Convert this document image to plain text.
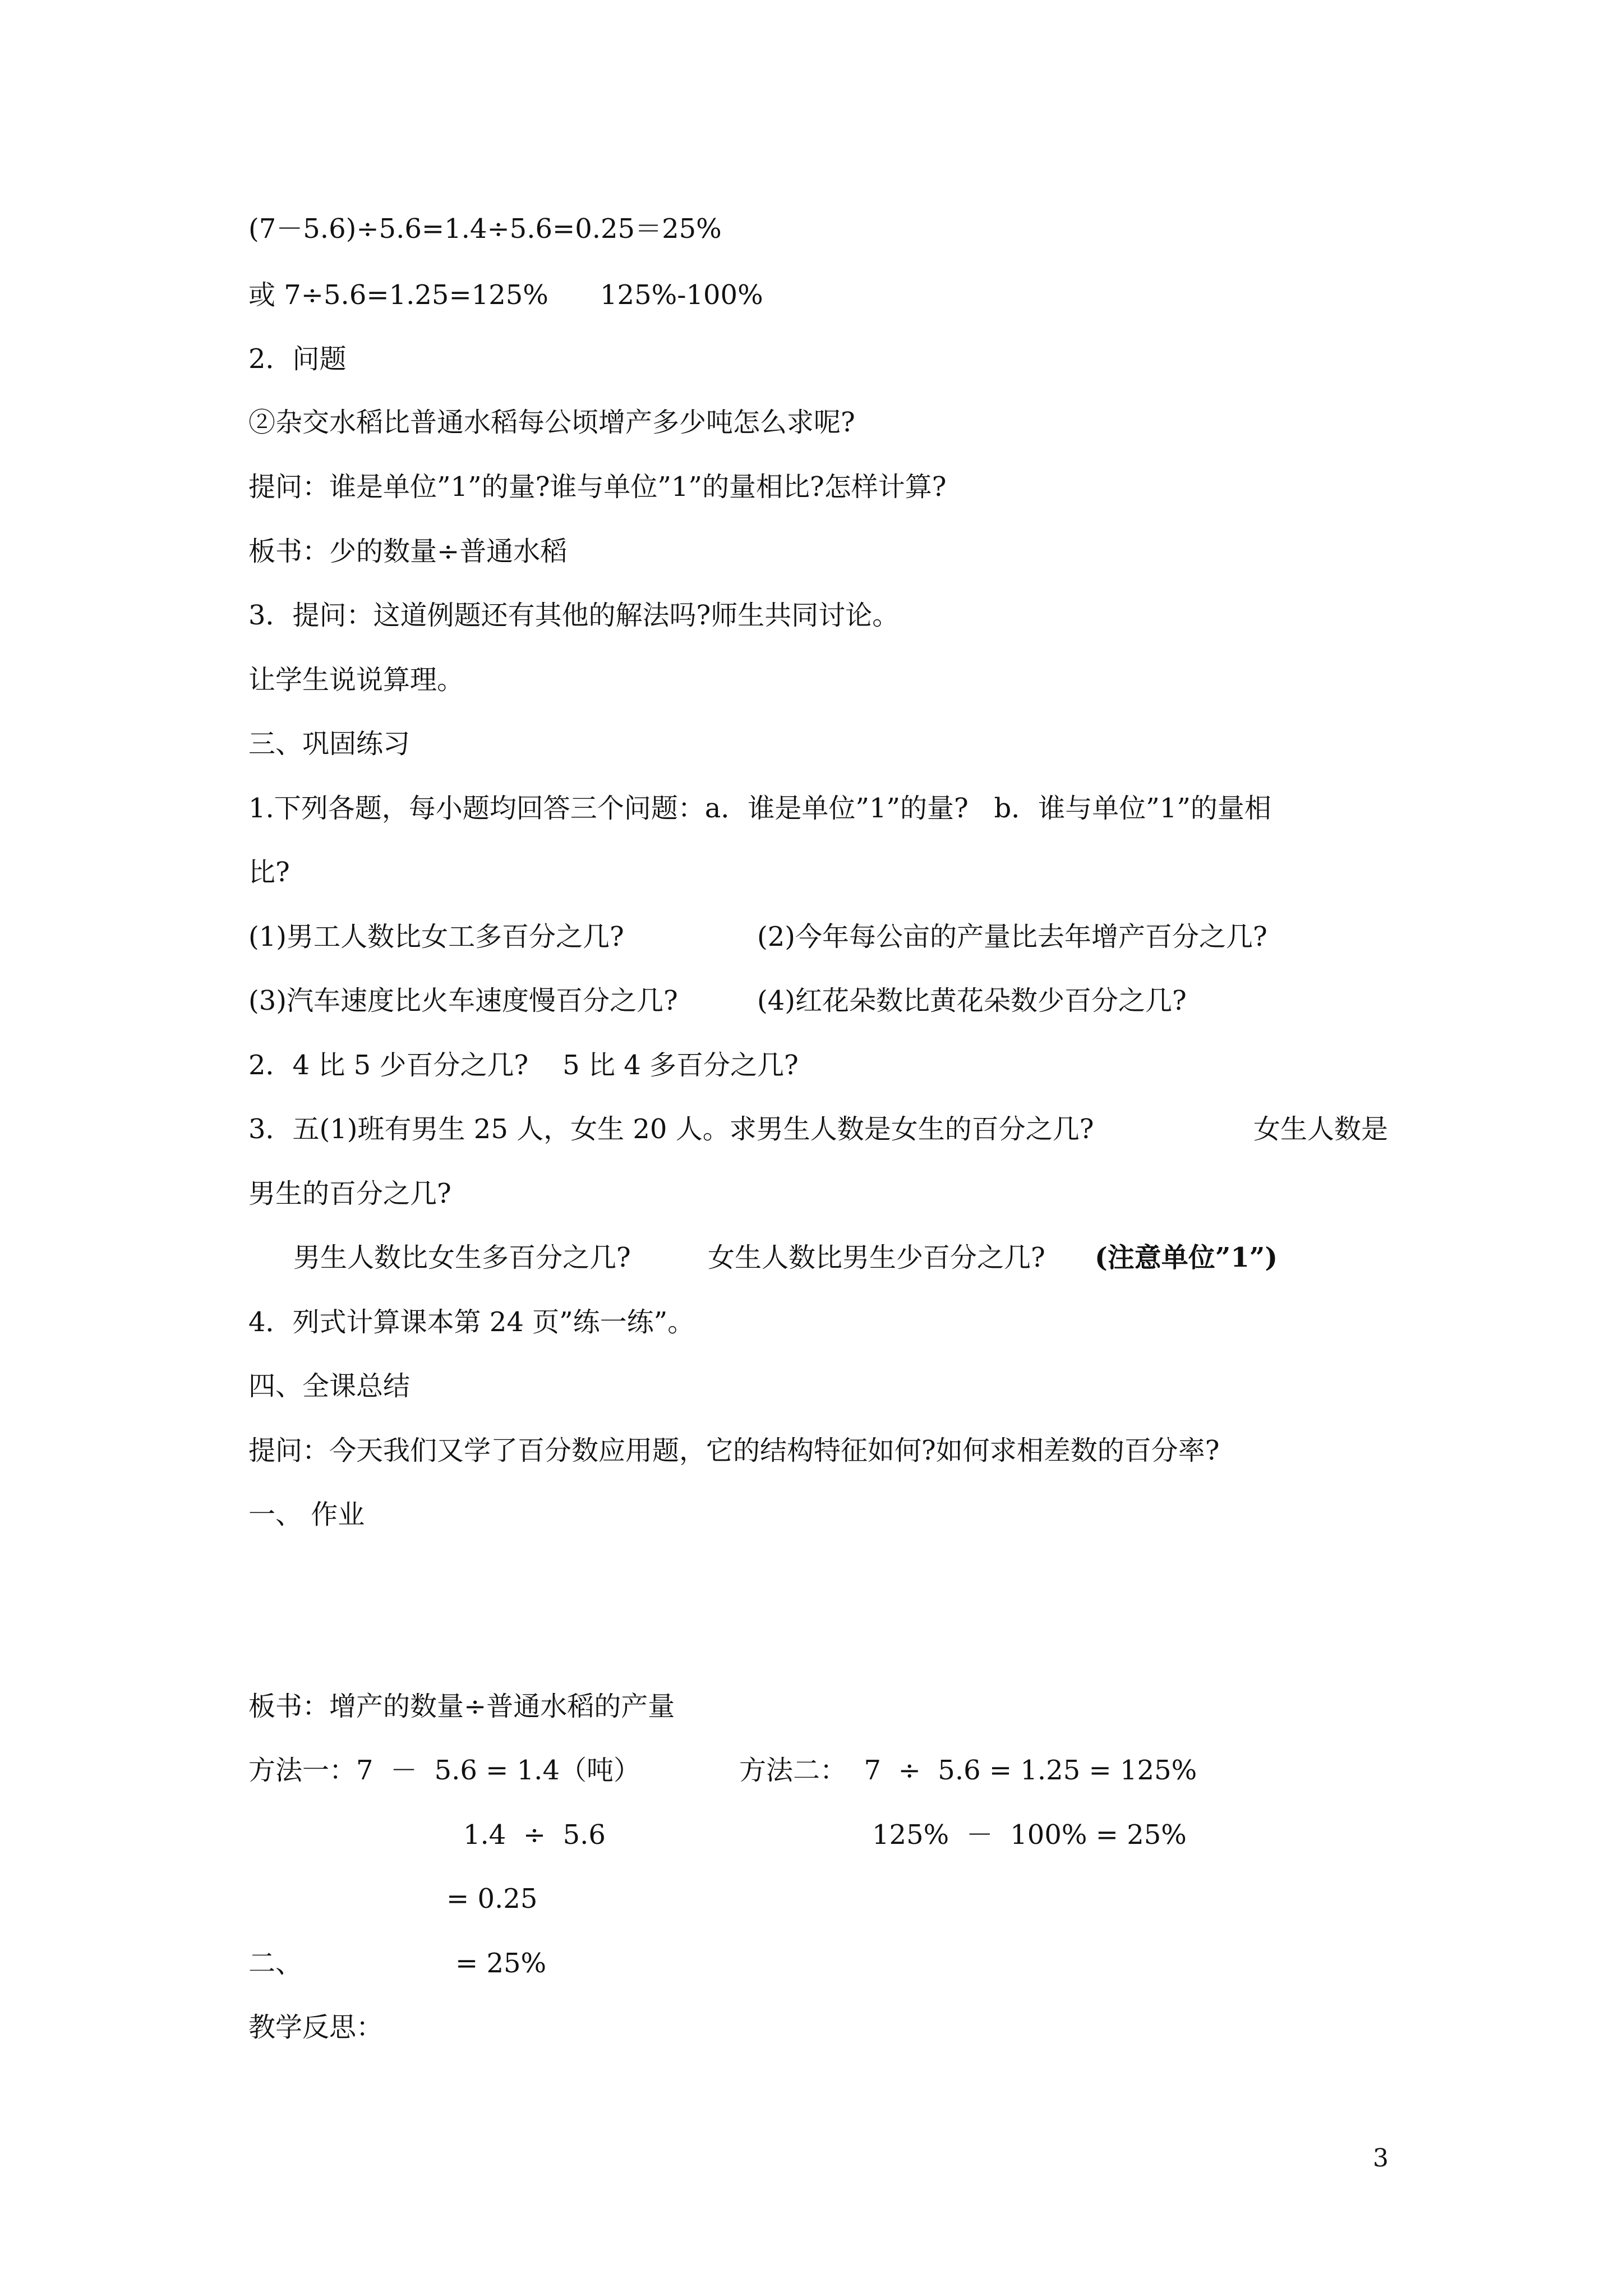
(7－5.6)÷5.6=1.4÷5.6=0.25＝25%
或 7÷5.6=1.25=125% 125%-100%
2．问题
②杂交水稻比普通水稻每公顷增产多少吨怎么求呢?
提问：谁是单位”1”的量?谁与单位”1”的量相比?怎样计算?
板书：少的数量÷普通水稻
3．提问：这道例题还有其他的解法吗?师生共同讨论。
让学生说说算理。
三、巩固练习
1.下列各题，每小题均回答三个问题：a．谁是单位”1”的量?   b．谁与单位”1”的量相
比?
(1)男工人数比女工多百分之几?	(2)今年每公亩的产量比去年增产百分之几?
(3)汽车速度比火车速度慢百分之几?	(4)红花朵数比黄花朵数少百分之几?
2．4 比 5 少百分之几?    5 比 4 多百分之几?
3．五(1)班有男生 25 人，女生 20 人。求男生人数是女生的百分之几?	女生人数是
男生的百分之几?
男生人数比女生多百分之几?	女生人数比男生少百分之几? (注意单位”1”)
4．列式计算课本第 24 页”练一练”。
四、全课总结
提问：今天我们又学了百分数应用题，它的结构特征如何?如何求相差数的百分率?
一、 作业
板书：增产的数量÷普通水稻的产量
方法一：7  －  5.6 = 1.4（吨）	方法二：  7  ÷  5.6 = 1.25 = 125%
1.4  ÷  5.6	125%  －  100% = 25%
= 0.25
二、	= 25%
教学反思：
3
